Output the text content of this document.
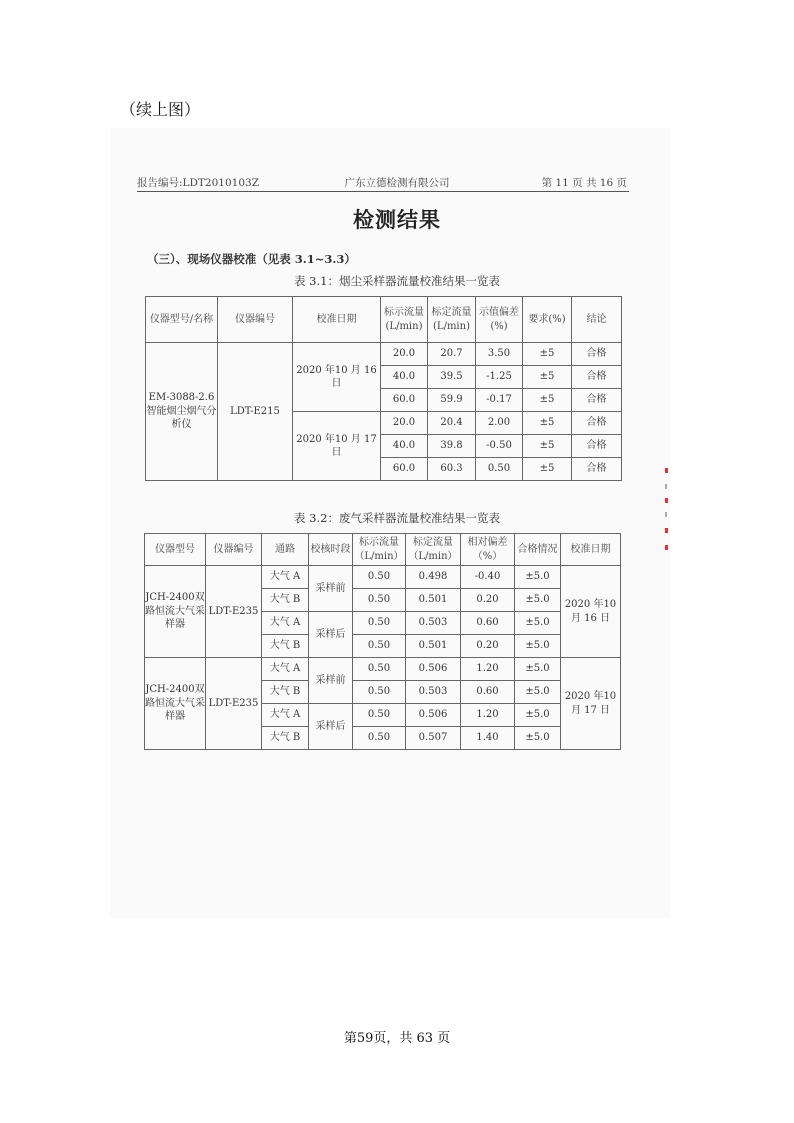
（续上图）
报告编号:LDT2010103Z	广东立德检测有限公司	第 11 页 共 16 页
检测结果
（三）、现场仪器校准（见表 3.1~3.3）
表 3.1：烟尘采样器流量校准结果一览表
仪器型号/名称	仪器编号	校准日期	标示流量(L/min)	标定流量(L/min)	示值偏差(%)	要求(%)	结论
EM-3088-2.6智能烟尘烟气分析仪	LDT-E215	2020 年10 月 16 日	20.0	20.7	3.50	±5	合格
			40.0	39.5	-1.25	±5	合格
			60.0	59.9	-0.17	±5	合格
		2020 年10 月 17 日	20.0	20.4	2.00	±5	合格
			40.0	39.8	-0.50	±5	合格
			60.0	60.3	0.50	±5	合格
表 3.2：废气采样器流量校准结果一览表
仪器型号	仪器编号	通路	校核时段	标示流量（L/min）	标定流量（L/min）	相对偏差（%）	合格情况	校准日期
JCH-2400双路恒流大气采样器	LDT-E235	大气 A	采样前	0.50	0.498	-0.40	±5.0	2020 年10 月 16 日
		大气 B		0.50	0.501	0.20	±5.0	
		大气 A	采样后	0.50	0.503	0.60	±5.0	
		大气 B		0.50	0.501	0.20	±5.0	
JCH-2400双路恒流大气采样器	LDT-E235	大气 A	采样前	0.50	0.506	1.20	±5.0	2020 年10 月 17 日
		大气 B		0.50	0.503	0.60	±5.0	
		大气 A	采样后	0.50	0.506	1.20	±5.0	
		大气 B		0.50	0.507	1.40	±5.0	
第59页，共 63 页
